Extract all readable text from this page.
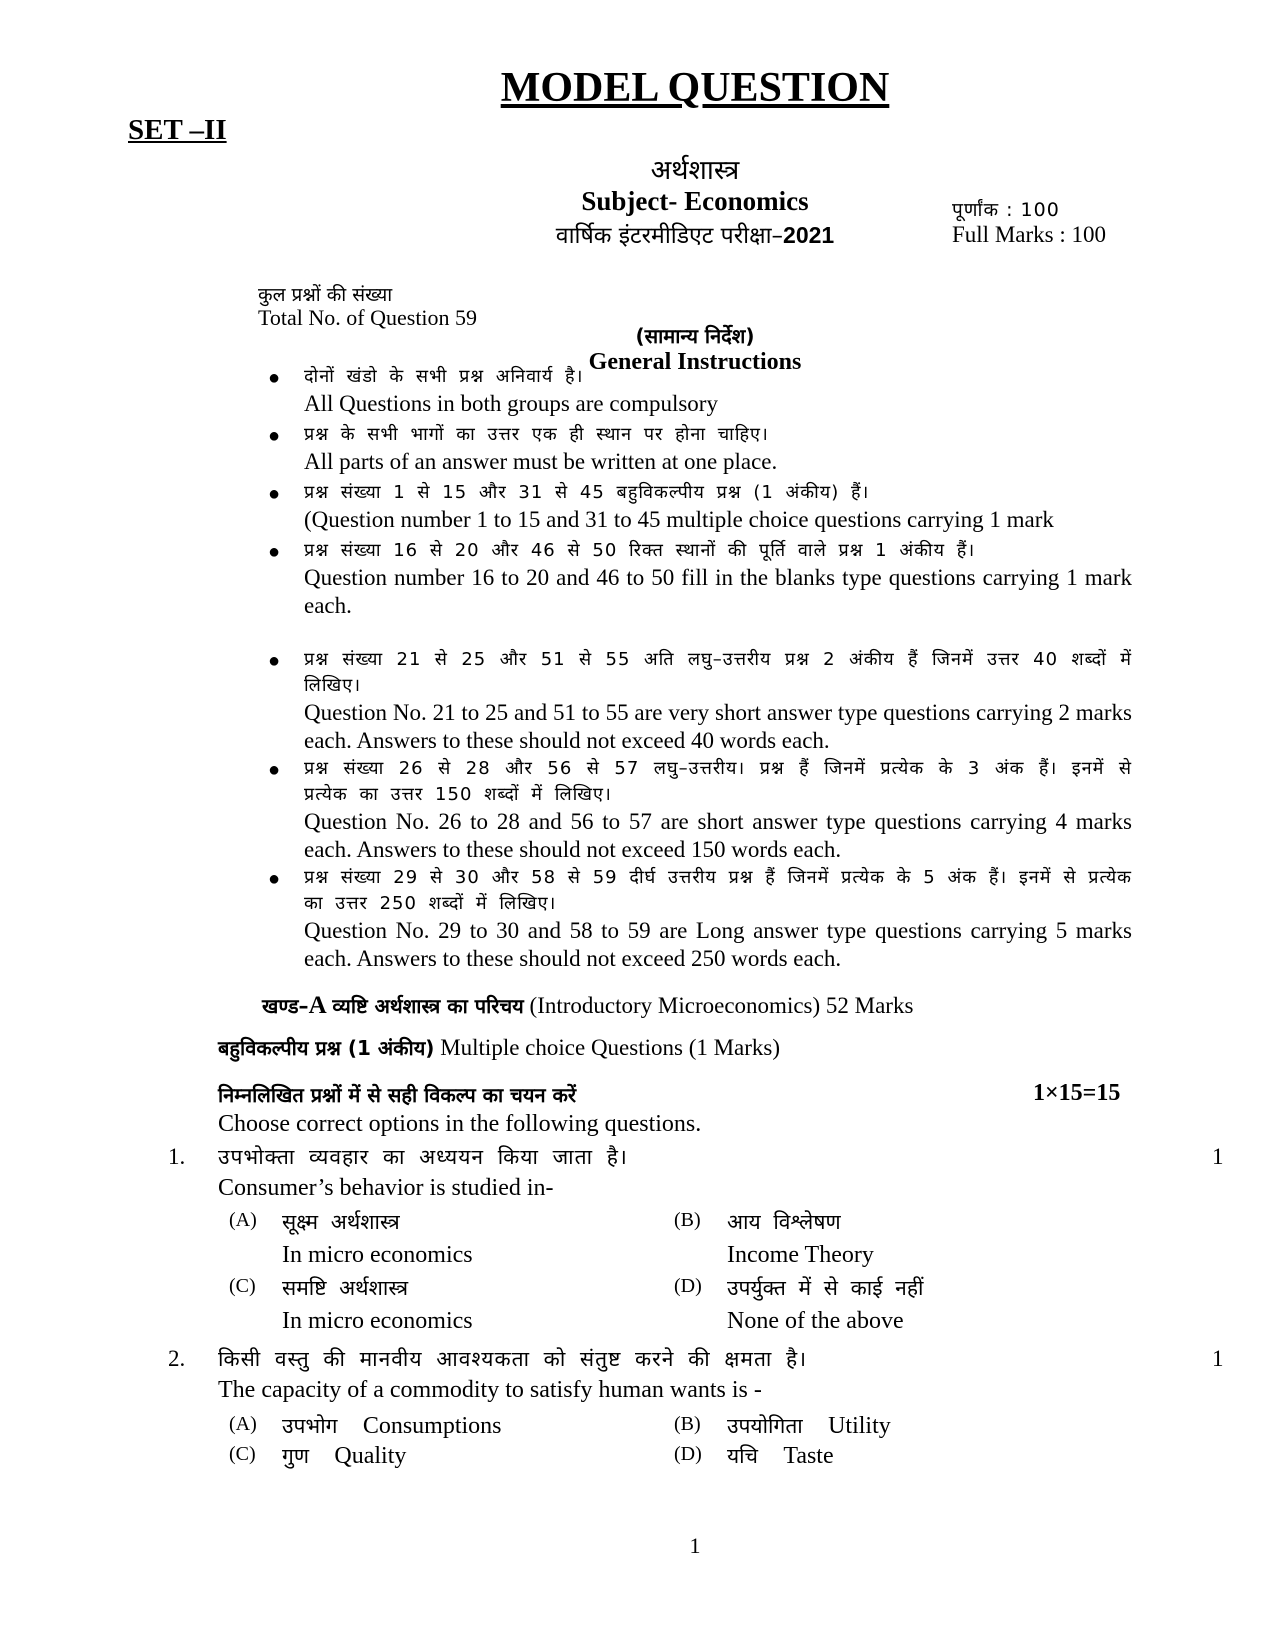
MODEL QUESTION
SET –II
अर्थशास्त्र
Subject- Economics
वार्षिक इंटरमीडिएट परीक्षा–2021
पूर्णांक : 100
Full Marks : 100
कुल प्रश्नों की संख्या
Total No. of Question 59
(सामान्य निर्देश)
General Instructions
● दोनों खंडो के सभी प्रश्न अनिवार्य है।
All Questions in both groups are compulsory
● प्रश्न के सभी भागों का उत्तर एक ही स्थान पर होना चाहिए।
All parts of an answer must be written at one place.
● प्रश्न संख्या 1 से 15 और 31 से 45 बहुविकल्पीय प्रश्न (1 अंकीय) हैं।
(Question number 1 to 15 and 31 to 45 multiple choice questions carrying 1 mark
● प्रश्न संख्या 16 से 20 और 46 से 50 रिक्त स्थानों की पूर्ति वाले प्रश्न 1 अंकीय हैं।
Question number 16 to 20 and 46 to 50 fill in the blanks type questions carrying 1 mark each.
● प्रश्न संख्या 21 से 25 और 51 से 55 अति लघु–उत्तरीय प्रश्न 2 अंकीय हैं जिनमें उत्तर 40 शब्दों में लिखिए।
Question No. 21 to 25 and 51 to 55 are very short answer type questions carrying 2 marks each. Answers to these should not exceed 40 words each.
● प्रश्न संख्या 26 से 28 और 56 से 57 लघु–उत्तरीय। प्रश्न हैं जिनमें प्रत्येक के 3 अंक हैं। इनमें से प्रत्येक का उत्तर 150 शब्दों में लिखिए।
Question No. 26 to 28 and 56 to 57 are short answer type questions carrying 4 marks each. Answers to these should not exceed 150 words each.
● प्रश्न संख्या 29 से 30 और 58 से 59 दीर्घ उत्तरीय प्रश्न हैं जिनमें प्रत्येक के 5 अंक हैं। इनमें से प्रत्येक का उत्तर 250 शब्दों में लिखिए।
Question No. 29 to 30 and 58 to 59 are Long answer type questions carrying 5 marks each. Answers to these should not exceed 250 words each.
खण्ड–A व्यष्टि अर्थशास्त्र का परिचय (Introductory Microeconomics) 52 Marks
बहुविकल्पीय प्रश्न (1 अंकीय) Multiple choice Questions (1 Marks)
निम्नलिखित प्रश्नों में से सही विकल्प का चयन करें	1×15=15
Choose correct options in the following questions.
1. उपभोक्ता व्यवहार का अध्ययन किया जाता है।	1
Consumer’s behavior is studied in-
(A) सूक्ष्म अर्थशास्त्र
In micro economics
(B) आय विश्लेषण
Income Theory
(C) समष्टि अर्थशास्त्र
In micro economics
(D) उपर्युक्त में से काई नहीं
None of the above
2. किसी वस्तु की मानवीय आवश्यकता को संतुष्ट करने की क्षमता है।	1
The capacity of a commodity to satisfy human wants is -
(A) उपभोग Consumptions	(B) उपयोगिता Utility
(C) गुण Quality	(D) यचि Taste
1
